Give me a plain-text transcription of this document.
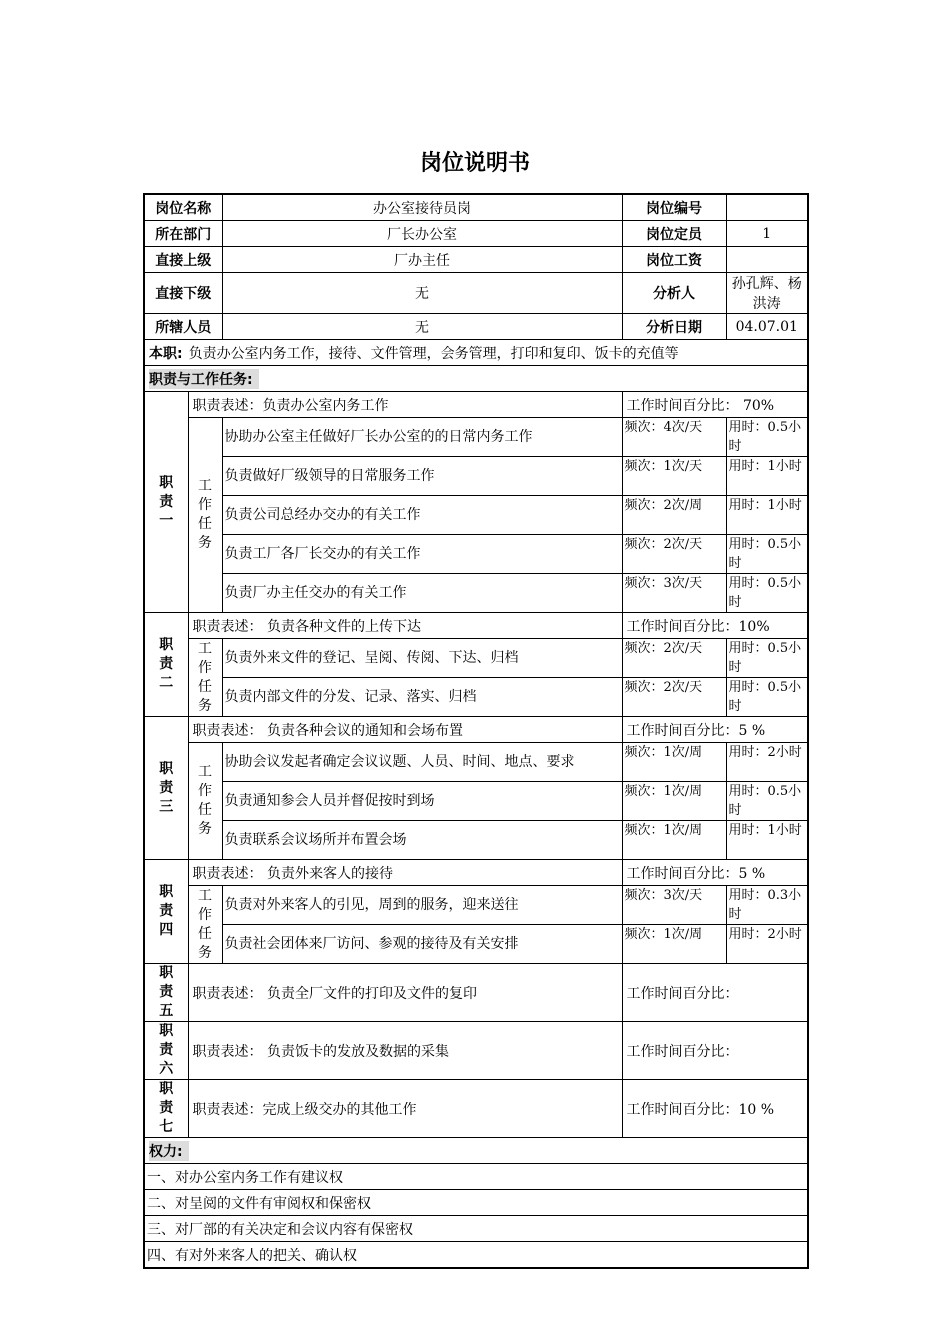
岗位说明书
岗位名称		办公室接待员岗	岗位编号	
所在部门		厂长办公室	岗位定员	1
直接上级		厂办主任	岗位工资	
直接下级		无	分析人	孙孔辉、杨洪涛
所辖人员		无	分析日期	04.07.01
本职: 负责办公室内务工作，接待、文件管理，会务管理，打印和复印、饭卡的充值等				
职责与工作任务:				
职责一	职责表述：负责办公室内务工作		工作时间百分比： 70%	
	工作任务	协助办公室主任做好厂长办公室的的日常内务工作	频次：4次/天	用时：0.5小时
		负责做好厂级领导的日常服务工作	频次：1次/天	用时：1小时
		负责公司总经办交办的有关工作	频次：2次/周	用时：1小时
		负责工厂各厂长交办的有关工作	频次：2次/天	用时：0.5小时
		负责厂办主任交办的有关工作	频次：3次/天	用时：0.5小时
职责二	职责表述： 负责各种文件的上传下达		工作时间百分比：10%	
	工作任务	负责外来文件的登记、呈阅、传阅、下达、归档	频次：2次/天	用时：0.5小时
		负责内部文件的分发、记录、落实、归档	频次：2次/天	用时：0.5小时
职责三	职责表述： 负责各种会议的通知和会场布置		工作时间百分比：5 %	
	工作任务	协助会议发起者确定会议议题、人员、时间、地点、要求	频次：1次/周	用时：2小时
		负责通知参会人员并督促按时到场	频次：1次/周	用时：0.5小时
		负责联系会议场所并布置会场	频次：1次/周	用时：1小时
职责四	职责表述： 负责外来客人的接待		工作时间百分比：5 %	
	工作任务	负责对外来客人的引见，周到的服务，迎来送往	频次：3次/天	用时：0.3小时
		负责社会团体来厂访问、参观的接待及有关安排	频次：1次/周	用时：2小时
职责五	职责表述： 负责全厂文件的打印及文件的复印		工作时间百分比：	
职责六	职责表述： 负责饭卡的发放及数据的采集		工作时间百分比：	
职责七	职责表述：完成上级交办的其他工作		工作时间百分比：10 %	
权力:				
一、对办公室内务工作有建议权				
二、对呈阅的文件有审阅权和保密权				
三、对厂部的有关决定和会议内容有保密权				
四、有对外来客人的把关、确认权				
